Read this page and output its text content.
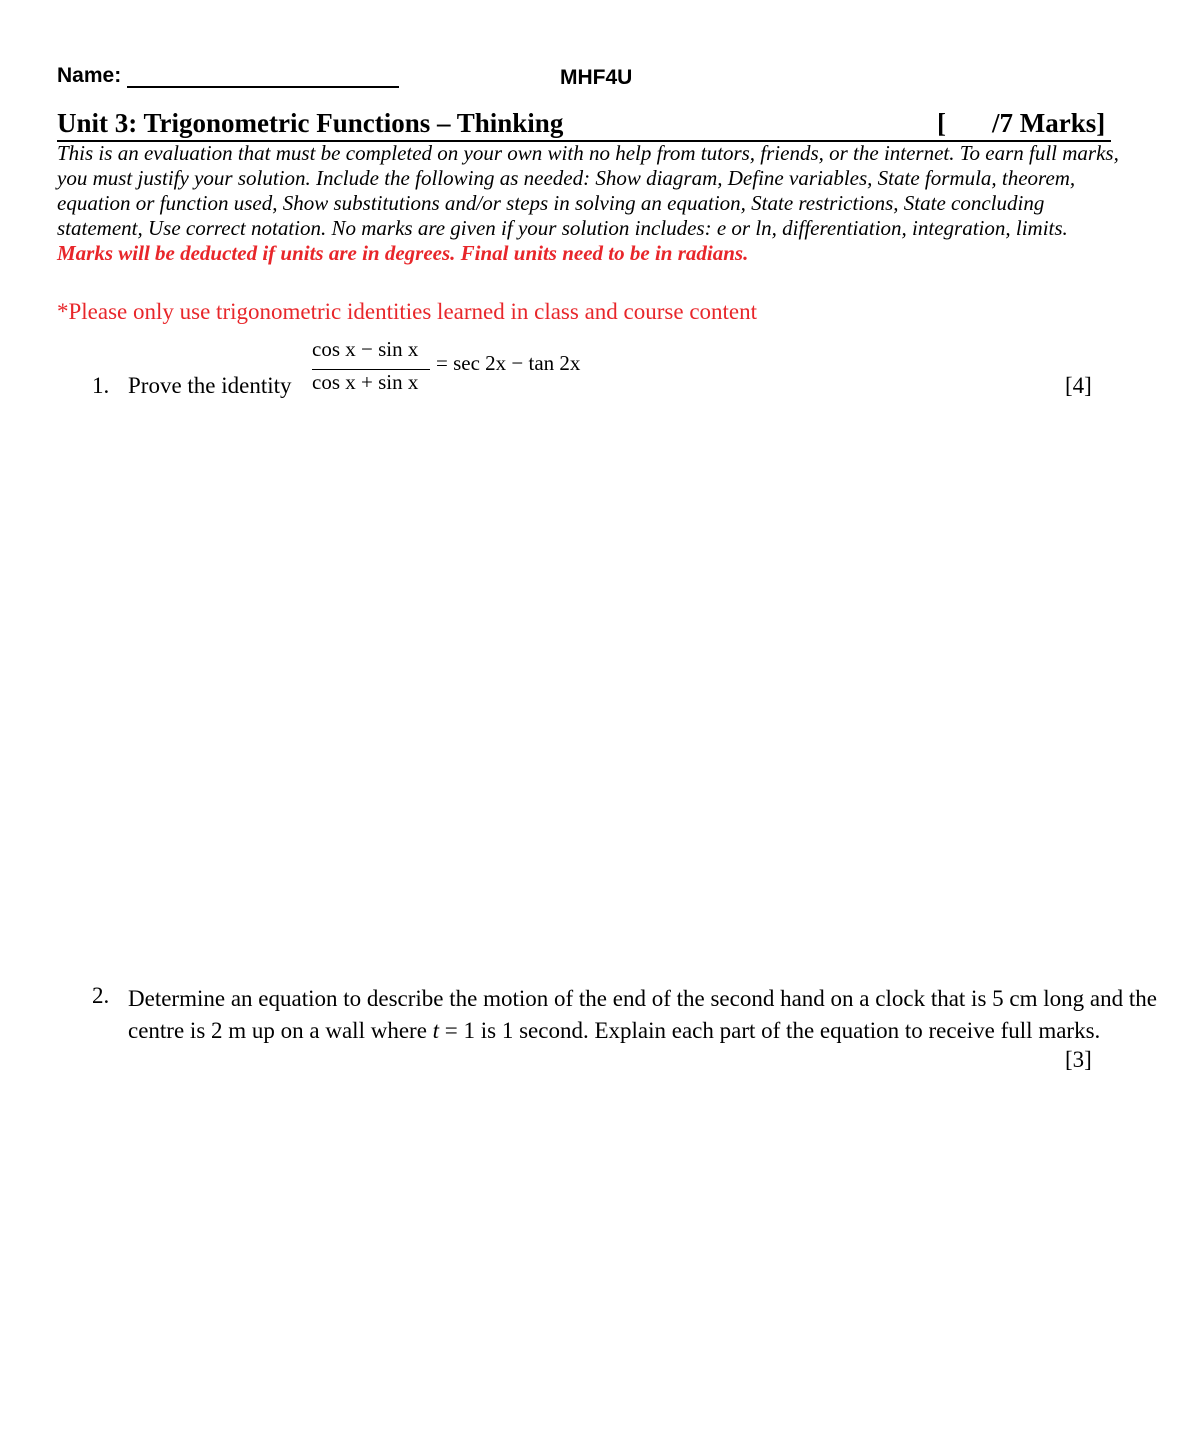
Name:	MHF4U
Unit 3: Trigonometric Functions – Thinking	[ /7 Marks]
This is an evaluation that must be completed on your own with no help from tutors, friends, or the internet. To earn full marks, you must justify your solution. Include the following as needed: Show diagram, Define variables, State formula, theorem, equation or function used, Show substitutions and/or steps in solving an equation, State restrictions, State concluding statement, Use correct notation. No marks are given if your solution includes: e or ln, differentiation, integration, limits. Marks will be deducted if units are in degrees. Final units need to be in radians.
*Please only use trigonometric identities learned in class and course content
1. Prove the identity
cos x − sin x
cos x + sin x
= sec 2x − tan 2x
[4]
2. Determine an equation to describe the motion of the end of the second hand on a clock that is 5 cm long and the centre is 2 m up on a wall where t = 1 is 1 second. Explain each part of the equation to receive full marks.
[3]
